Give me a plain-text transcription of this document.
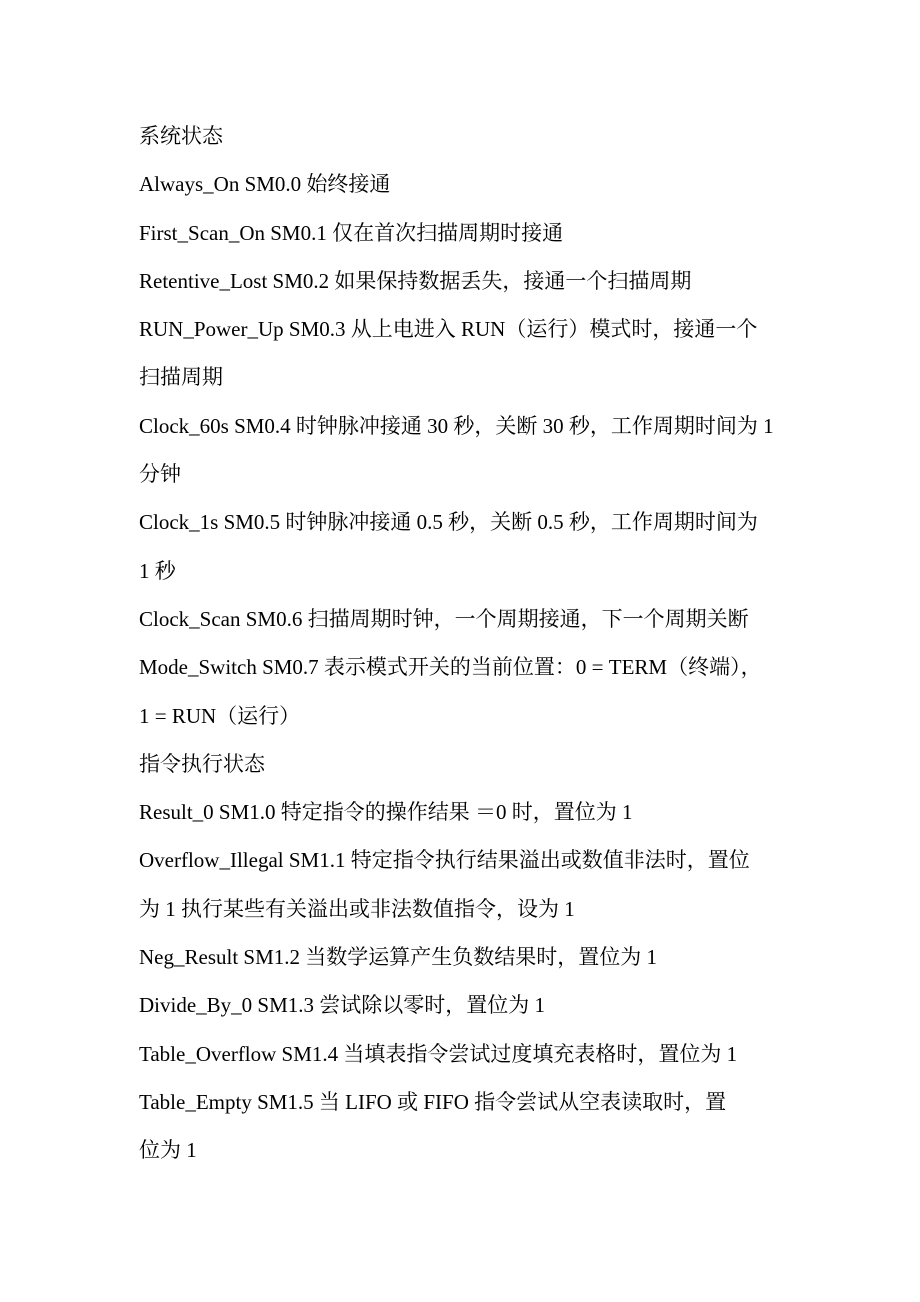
系统状态
Always_On SM0.0 始终接通
First_Scan_On SM0.1 仅在首次扫描周期时接通
Retentive_Lost SM0.2 如果保持数据丢失，接通一个扫描周期
RUN_Power_Up SM0.3 从上电进入 RUN（运行）模式时，接通一个
扫描周期
Clock_60s SM0.4 时钟脉冲接通 30 秒，关断 30 秒，工作周期时间为 1
分钟
Clock_1s SM0.5 时钟脉冲接通 0.5 秒，关断 0.5 秒，工作周期时间为
1 秒
Clock_Scan SM0.6 扫描周期时钟，一个周期接通，下一个周期关断
Mode_Switch SM0.7 表示模式开关的当前位置：0 = TERM（终端），
1 = RUN（运行）
指令执行状态
Result_0 SM1.0 特定指令的操作结果 ＝0 时，置位为 1
Overflow_Illegal SM1.1 特定指令执行结果溢出或数值非法时，置位
为 1 执行某些有关溢出或非法数值指令，设为 1
Neg_Result SM1.2 当数学运算产生负数结果时，置位为 1
Divide_By_0 SM1.3 尝试除以零时，置位为 1
Table_Overflow SM1.4 当填表指令尝试过度填充表格时，置位为 1
Table_Empty SM1.5 当 LIFO 或 FIFO 指令尝试从空表读取时，置
位为 1
